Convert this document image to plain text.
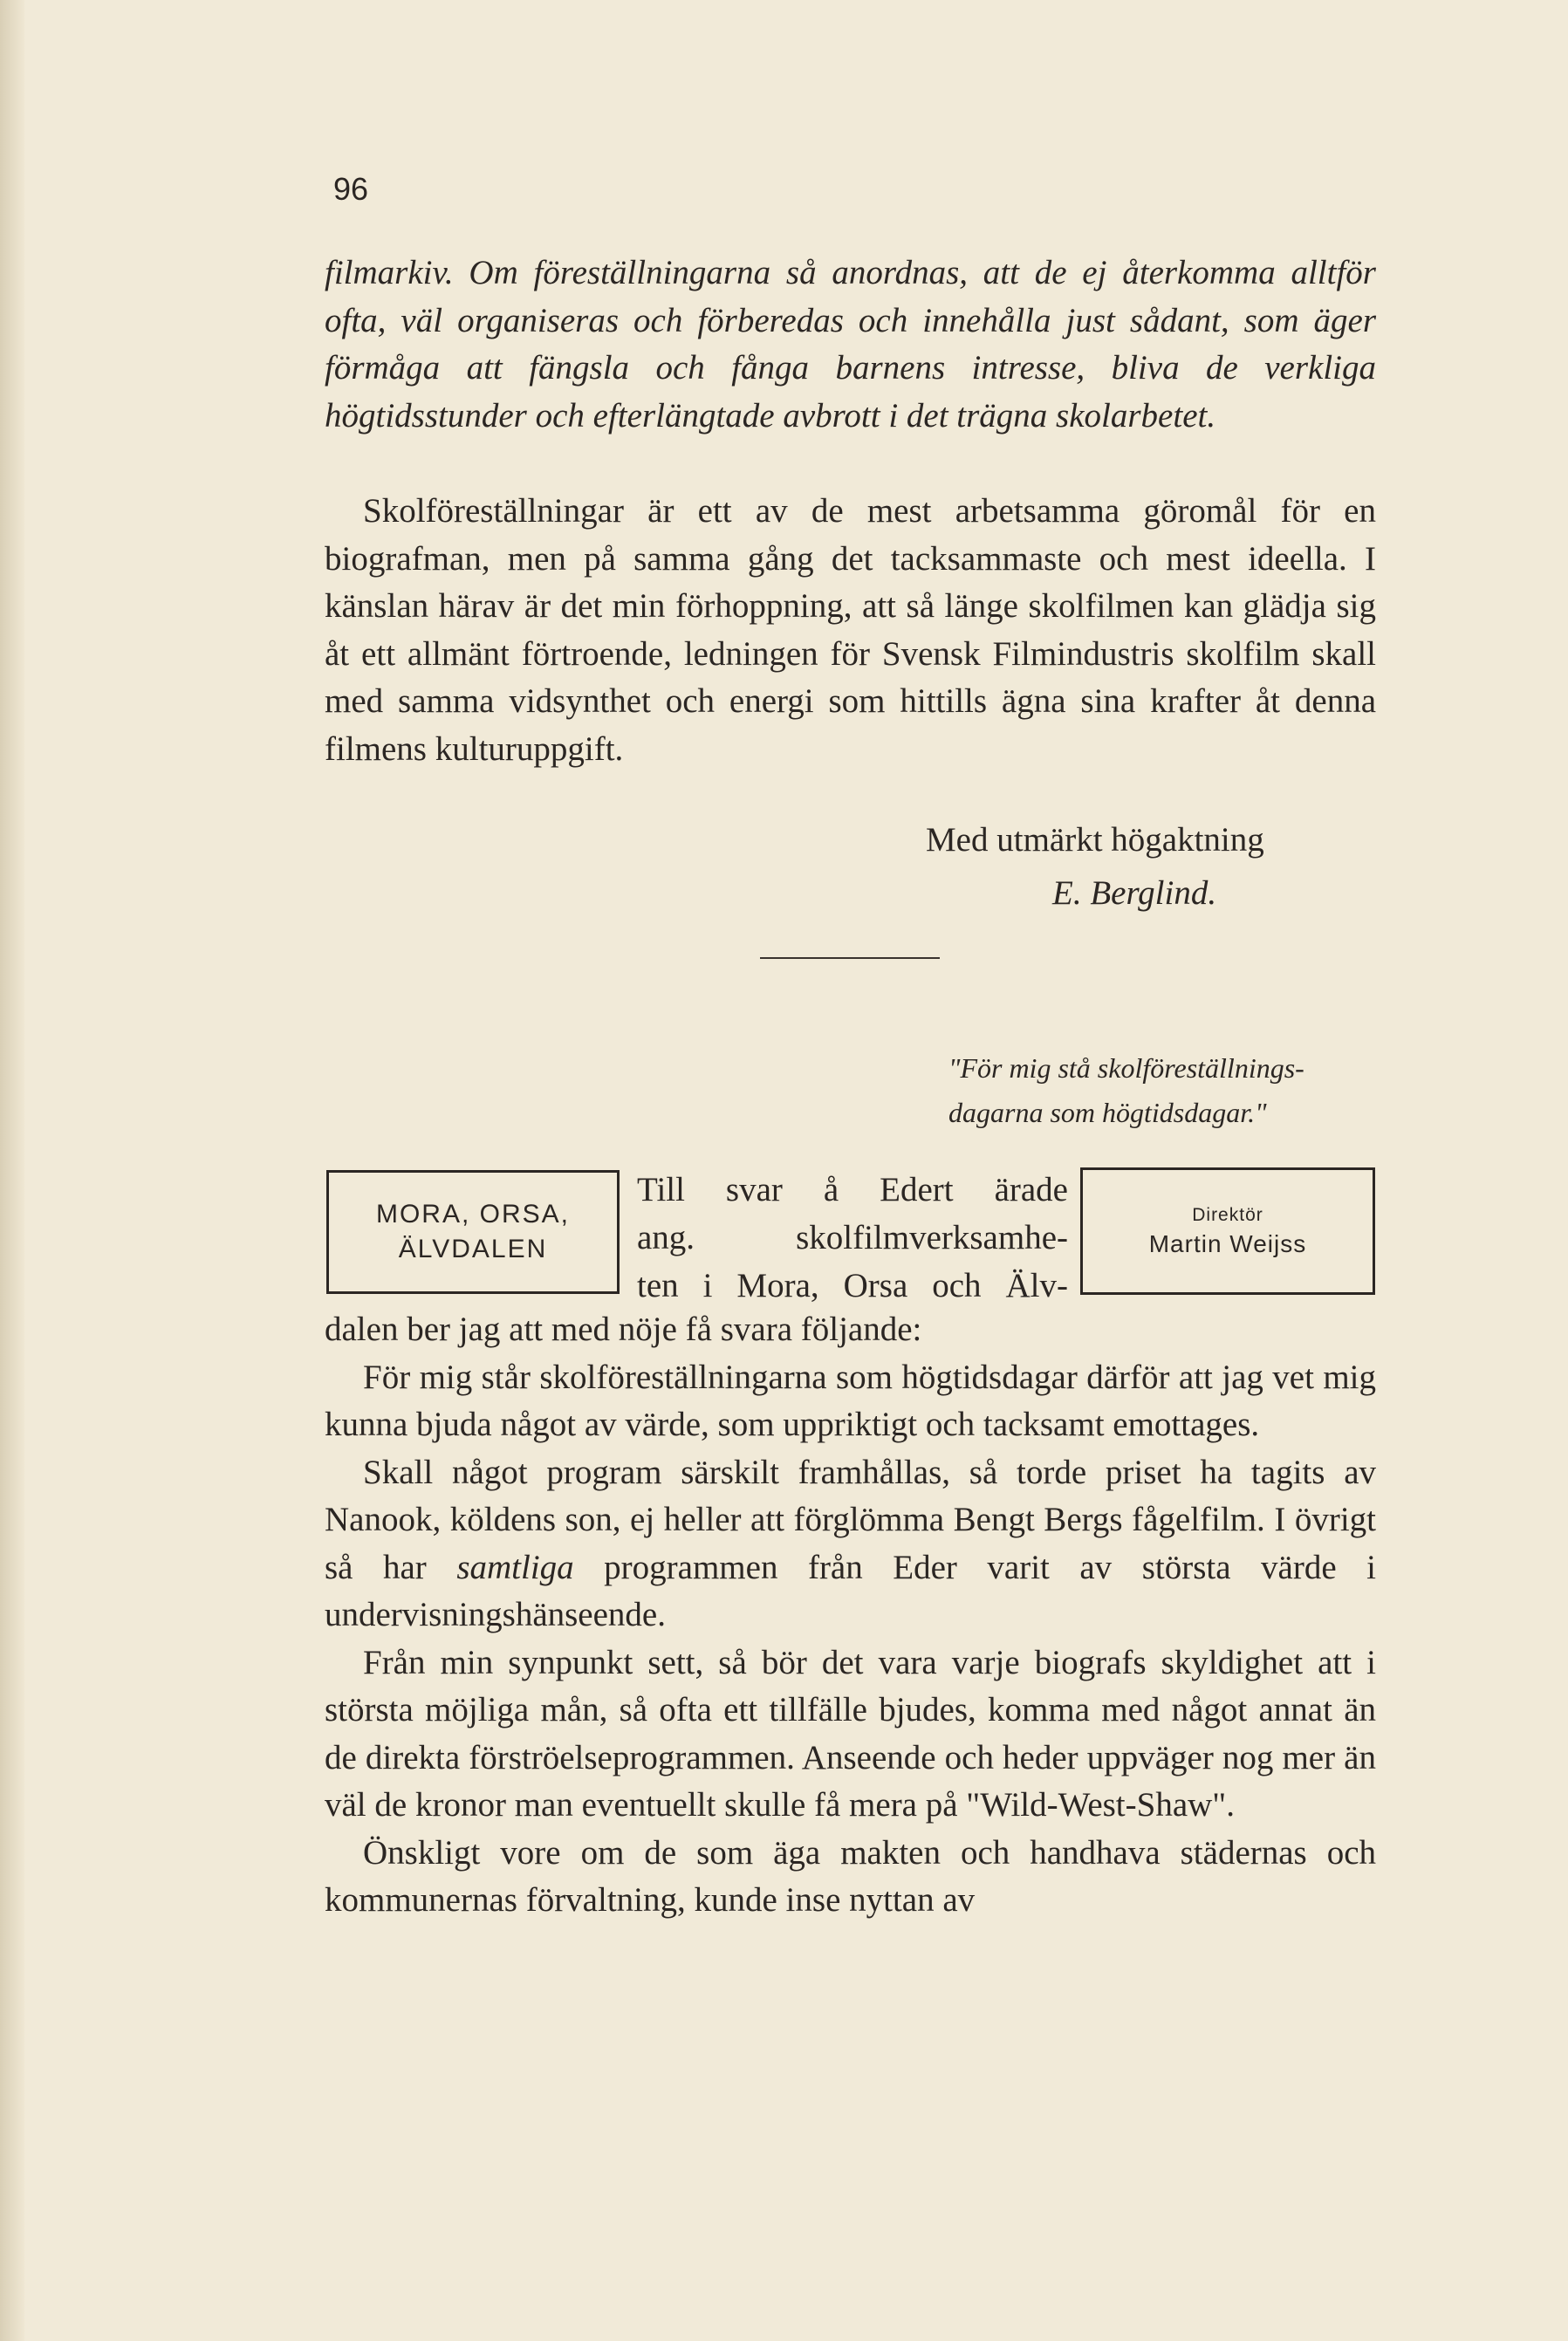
96

filmarkiv. Om föreställningarna så anordnas, att de ej återkomma alltför ofta, väl organiseras och förberedas och innehålla just sådant, som äger förmåga att fängsla och fånga barnens intresse, bliva de verkliga högtidsstunder och efterlängtade avbrott i det trägna skolarbetet.

Skolföreställningar är ett av de mest arbetsamma göromål för en biografman, men på samma gång det tacksammaste och mest ideella. I känslan härav är det min förhoppning, att så länge skolfilmen kan glädja sig åt ett allmänt förtroende, ledningen för Svensk Filmindustris skolfilm skall med samma vidsynthet och energi som hittills ägna sina krafter åt denna filmens kulturuppgift.

Med utmärkt högaktning
E. Berglind.
"För mig stå skolföreställnings-
dagarna som högtidsdagar."
MORA, ORSA,
ÄLVDALEN
Till svar å Edert ärade
ang. skolfilmverksamhe-
ten i Mora, Orsa och Älv-
Direktör
Martin Weijss

dalen ber jag att med nöje få svara följande:

För mig står skolföreställningarna som högtidsdagar därför att jag vet mig kunna bjuda något av värde, som uppriktigt och tacksamt emottages.

Skall något program särskilt framhållas, så torde priset ha tagits av Nanook, köldens son, ej heller att förglömma Bengt Bergs fågelfilm. I övrigt så har samtliga programmen från Eder varit av största värde i undervisningshänseende.

Från min synpunkt sett, så bör det vara varje biografs skyldighet att i största möjliga mån, så ofta ett tillfälle bjudes, komma med något annat än de direkta förströelseprogrammen. Anseende och heder uppväger nog mer än väl de kronor man eventuellt skulle få mera på "Wild-West-Shaw".

Önskligt vore om de som äga makten och handhava städernas och kommunernas förvaltning, kunde inse nyttan av
